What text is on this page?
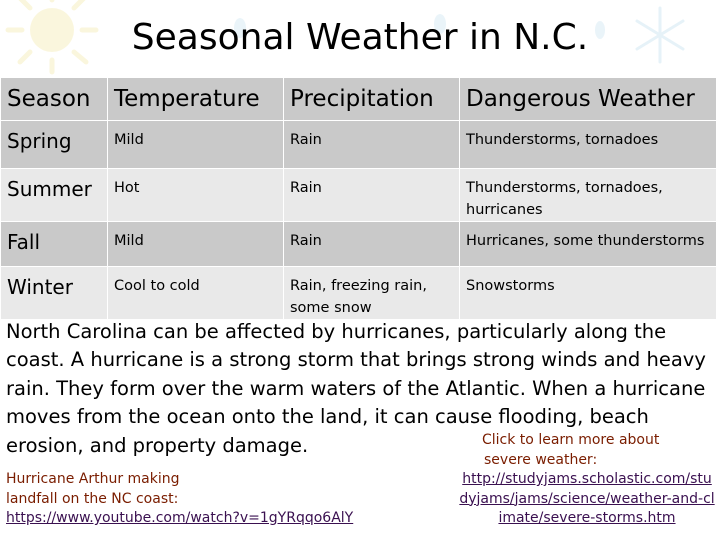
Seasonal Weather in N.C.
Season	Temperature	Precipitation	Dangerous Weather
Spring	Mild	Rain	Thunderstorms, tornadoes
Summer	Hot	Rain	Thunderstorms, tornadoes, hurricanes
Fall	Mild	Rain	Hurricanes, some thunderstorms
Winter	Cool to cold	Rain, freezing rain, some snow	Snowstorms
North Carolina can be affected by hurricanes, particularly along the coast. A hurricane is a strong storm that brings strong winds and heavy rain. They form over the warm waters of the Atlantic. When a hurricane moves from the ocean onto the land, it can cause flooding, beach erosion, and property damage.
Hurricane Arthur making
landfall on the NC coast:
https://www.youtube.com/watch?v=1gYRqqo6AlY
Click to learn more about
severe weather:
http://studyjams.scholastic.com/studyjams/jams/science/weather-and-climate/severe-storms.htm
